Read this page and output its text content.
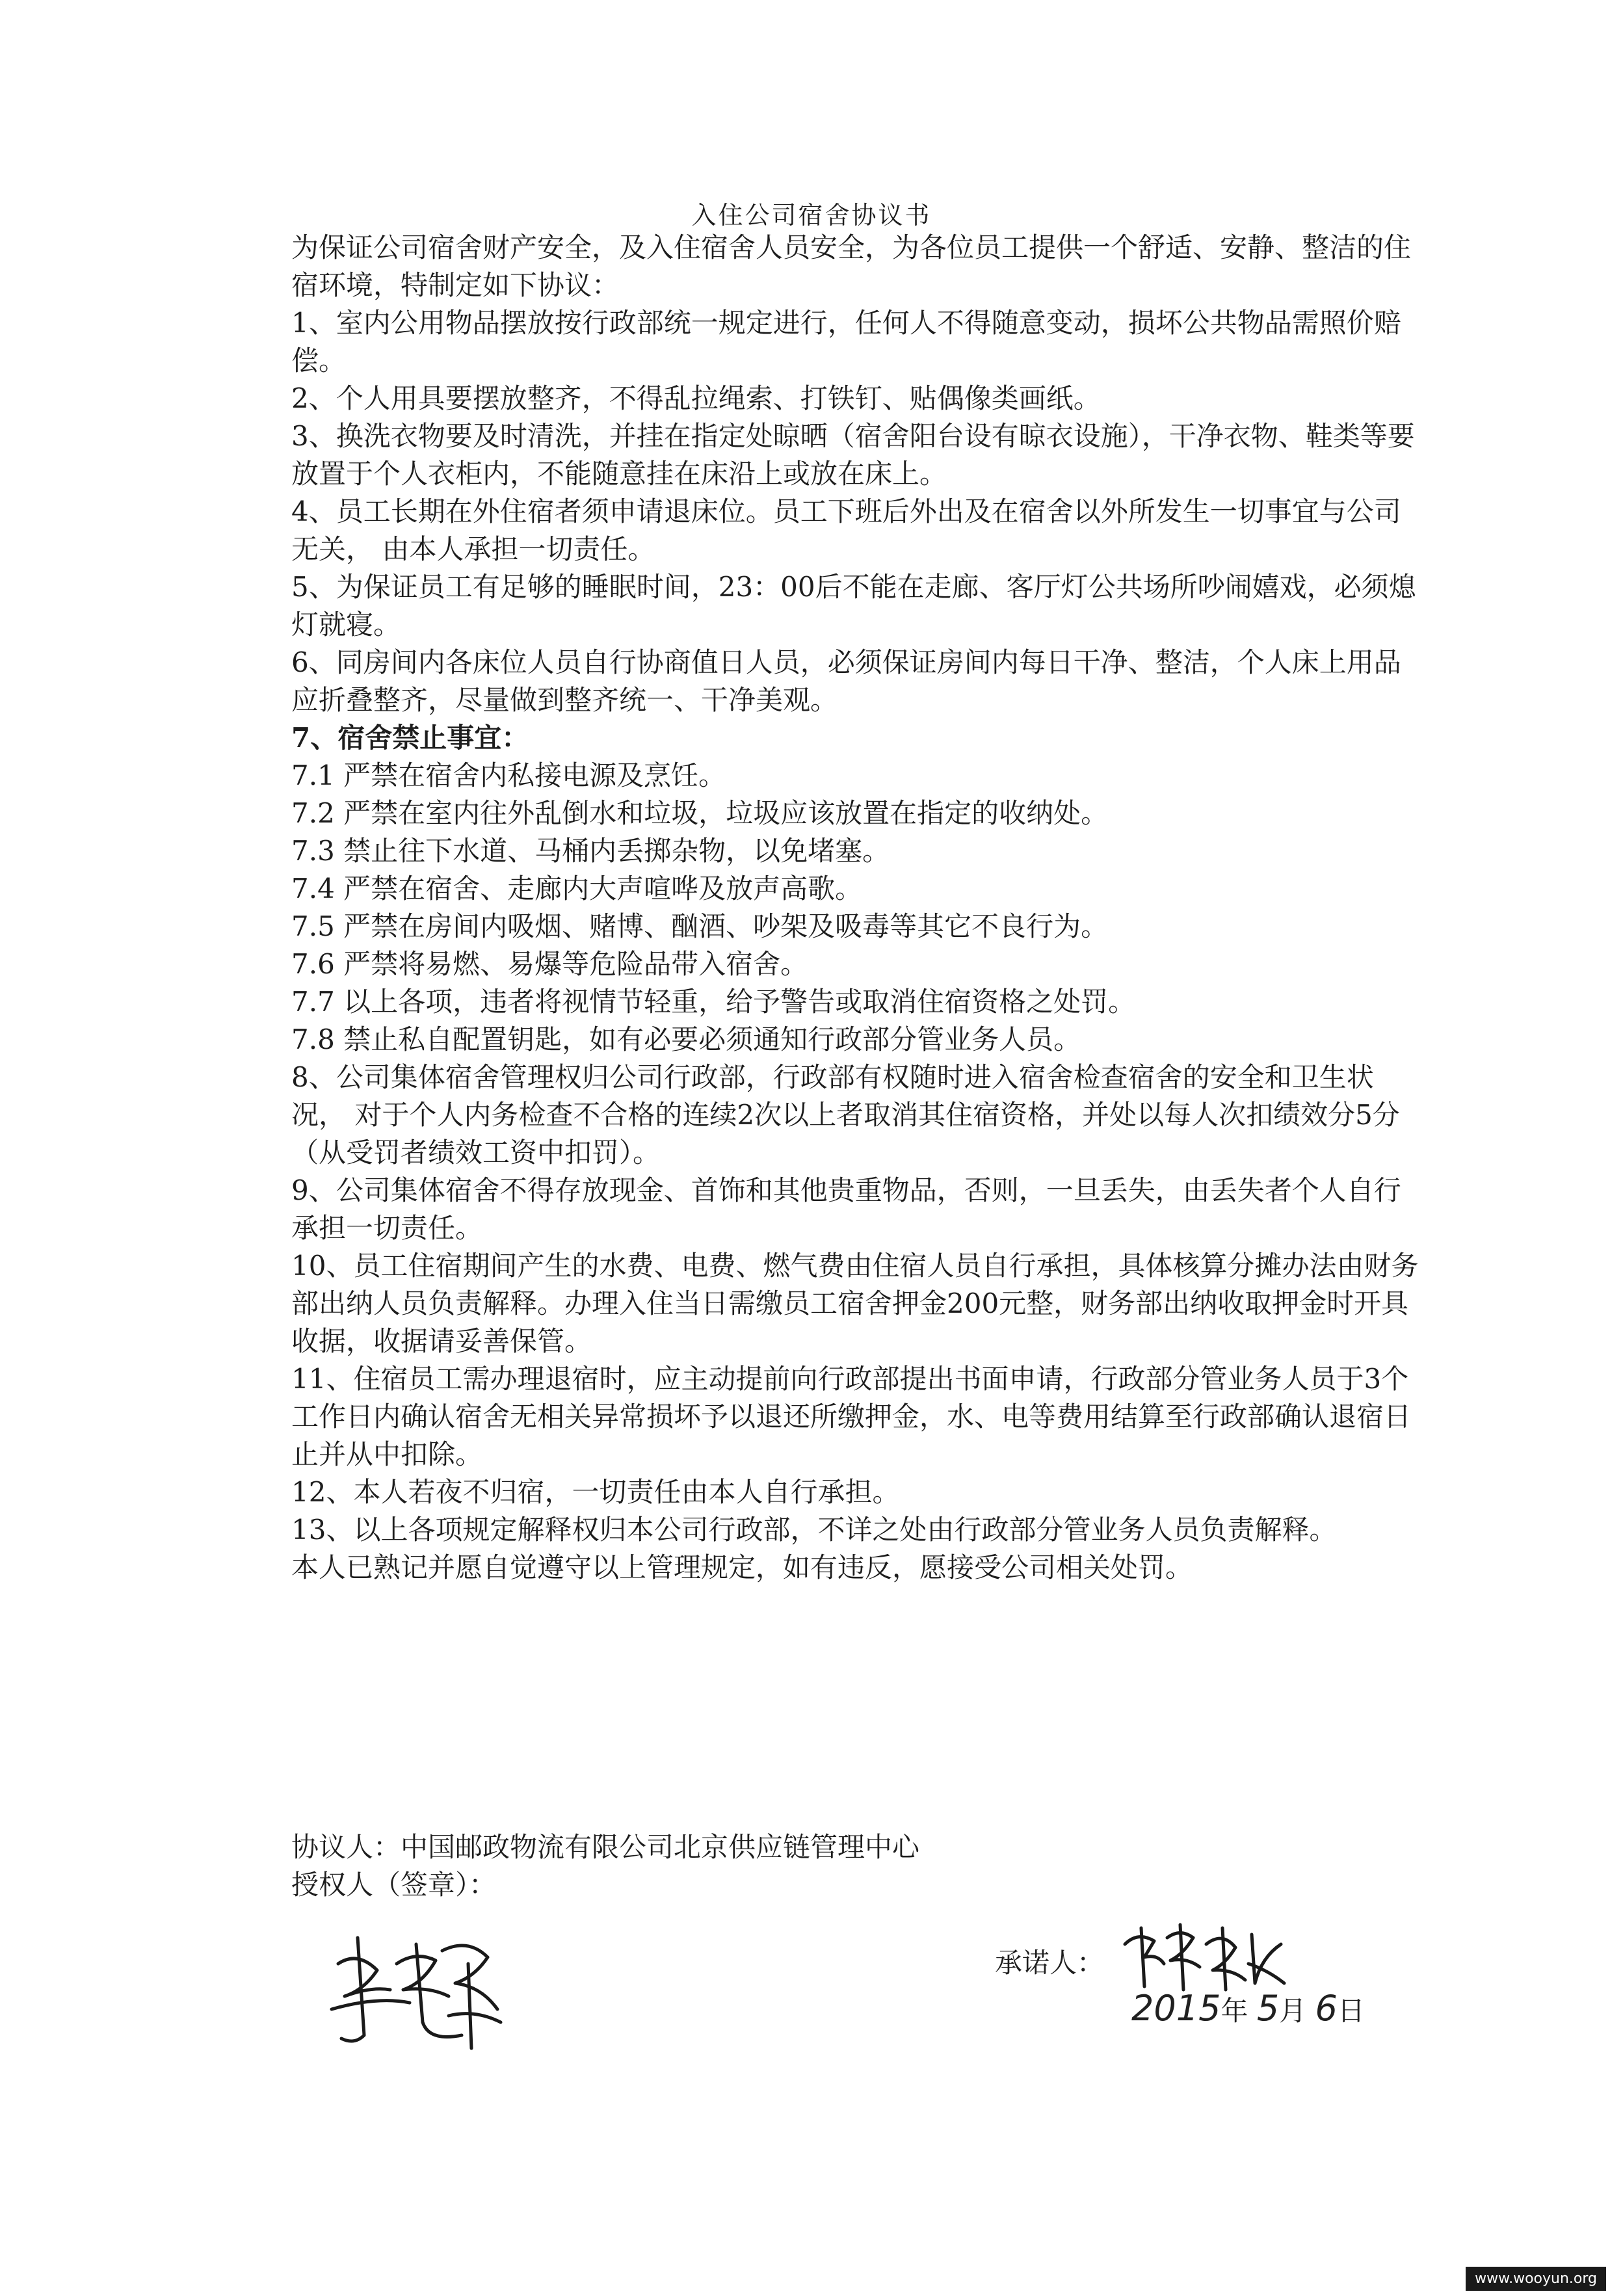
入住公司宿舍协议书

为保证公司宿舍财产安全，及入住宿舍人员安全，为各位员工提供一个舒适、安静、整洁的住宿环境，特制定如下协议：

1、室内公用物品摆放按行政部统一规定进行，任何人不得随意变动，损坏公共物品需照价赔偿。

2、个人用具要摆放整齐，不得乱拉绳索、打铁钉、贴偶像类画纸。

3、换洗衣物要及时清洗，并挂在指定处晾晒（宿舍阳台设有晾衣设施），干净衣物、鞋类等要放置于个人衣柜内，不能随意挂在床沿上或放在床上。

4、员工长期在外住宿者须申请退床位。员工下班后外出及在宿舍以外所发生一切事宜与公司无关， 由本人承担一切责任。

5、为保证员工有足够的睡眠时间，23：00后不能在走廊、客厅灯公共场所吵闹嬉戏，必须熄灯就寝。

6、同房间内各床位人员自行协商值日人员，必须保证房间内每日干净、整洁，个人床上用品应折叠整齐，尽量做到整齐统一、干净美观。

7、宿舍禁止事宜：

7.1 严禁在宿舍内私接电源及烹饪。

7.2 严禁在室内往外乱倒水和垃圾，垃圾应该放置在指定的收纳处。

7.3 禁止往下水道、马桶内丢掷杂物，以免堵塞。

7.4 严禁在宿舍、走廊内大声喧哗及放声高歌。

7.5 严禁在房间内吸烟、赌博、酗酒、吵架及吸毒等其它不良行为。

7.6 严禁将易燃、易爆等危险品带入宿舍。

7.7 以上各项，违者将视情节轻重，给予警告或取消住宿资格之处罚。

7.8 禁止私自配置钥匙，如有必要必须通知行政部分管业务人员。

8、公司集体宿舍管理权归公司行政部，行政部有权随时进入宿舍检查宿舍的安全和卫生状况， 对于个人内务检查不合格的连续2次以上者取消其住宿资格，并处以每人次扣绩效分5分（从受罚者绩效工资中扣罚）。

9、公司集体宿舍不得存放现金、首饰和其他贵重物品，否则，一旦丢失，由丢失者个人自行承担一切责任。

10、员工住宿期间产生的水费、电费、燃气费由住宿人员自行承担，具体核算分摊办法由财务部出纳人员负责解释。办理入住当日需缴员工宿舍押金200元整，财务部出纳收取押金时开具收据，收据请妥善保管。

11、住宿员工需办理退宿时，应主动提前向行政部提出书面申请，行政部分管业务人员于3个工作日内确认宿舍无相关异常损坏予以退还所缴押金，水、电等费用结算至行政部确认退宿日止并从中扣除。

12、本人若夜不归宿，一切责任由本人自行承担。

13、以上各项规定解释权归本公司行政部，不详之处由行政部分管业务人员负责解释。

本人已熟记并愿自觉遵守以上管理规定，如有违反，愿接受公司相关处罚。

协议人：中国邮政物流有限公司北京供应链管理中心

授权人（签章）：

承诺人：
2015年 5月 6日
www.wooyun.org
